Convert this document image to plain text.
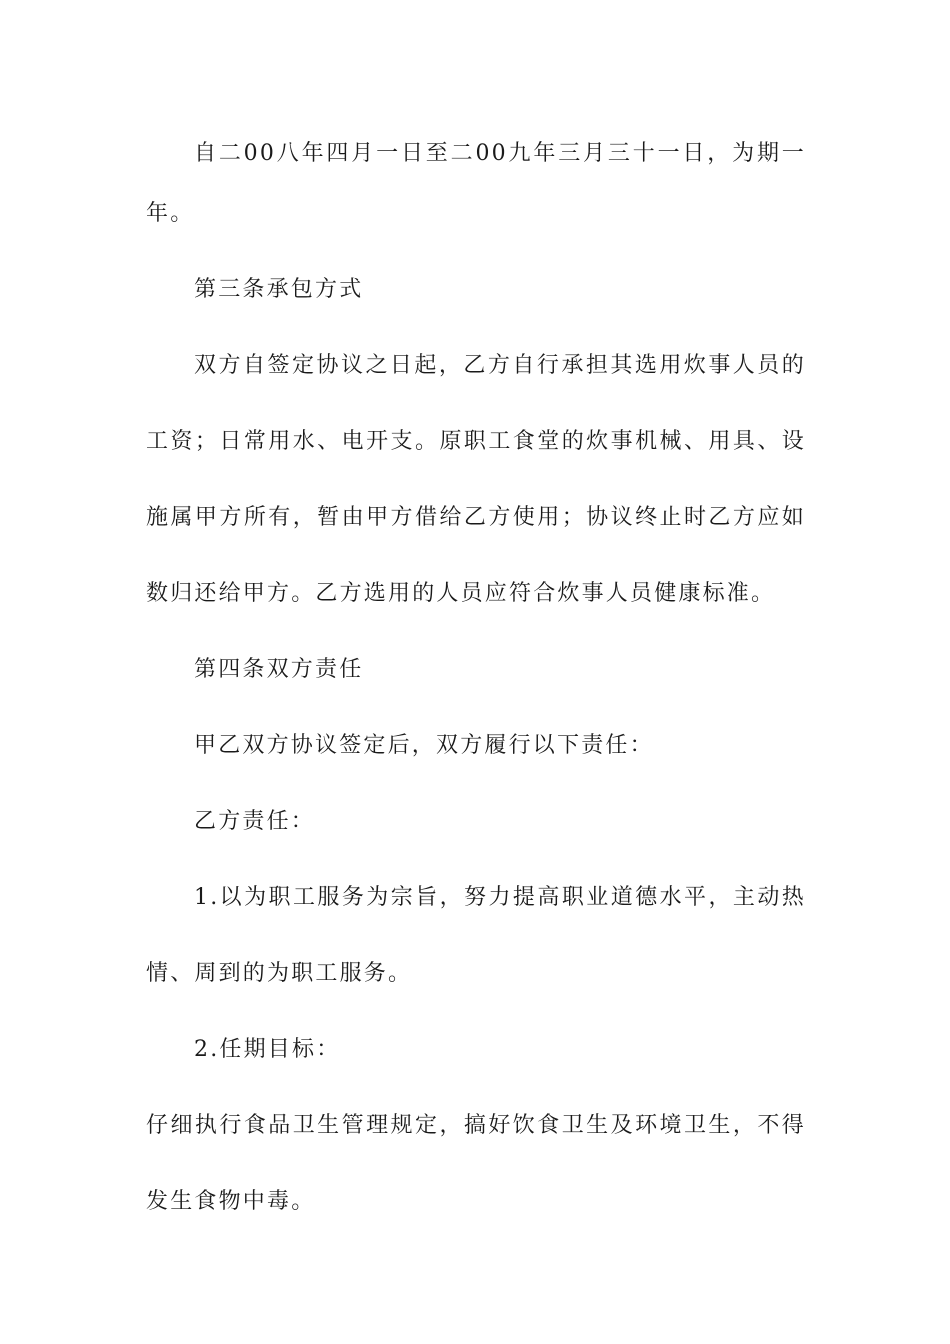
自二00八年四月一日至二00九年三月三十一日，为期一
年。
第三条承包方式
双方自签定协议之日起，乙方自行承担其选用炊事人员的
工资；日常用水、电开支。原职工食堂的炊事机械、用具、设
施属甲方所有，暂由甲方借给乙方使用；协议终止时乙方应如
数归还给甲方。乙方选用的人员应符合炊事人员健康标准。
第四条双方责任
甲乙双方协议签定后，双方履行以下责任：
乙方责任：
1.以为职工服务为宗旨，努力提高职业道德水平，主动热
情、周到的为职工服务。
2.任期目标：
仔细执行食品卫生管理规定，搞好饮食卫生及环境卫生，不得
发生食物中毒。
